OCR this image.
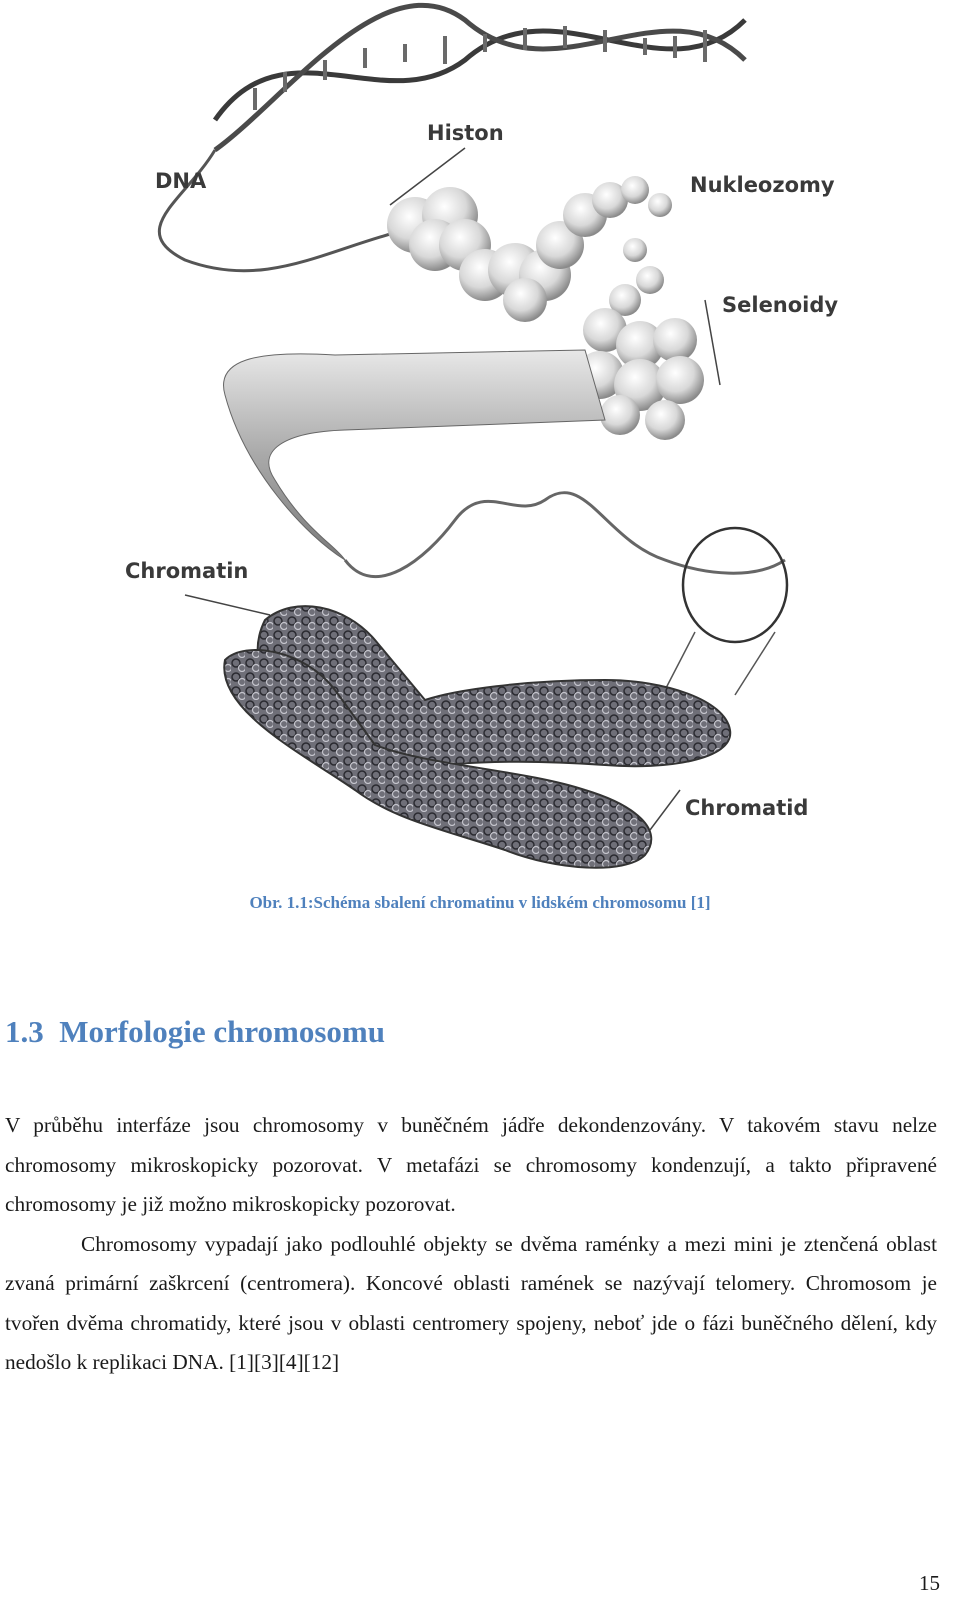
Histon
DNA	Nukleozomy
Selenoidy
Chromatin
Chromatid
Obr. 1.1:Schéma sbalení chromatinu v lidském chromosomu [1]
1.3 Morfologie chromosomu

V průběhu interfáze jsou chromosomy v buněčném jádře dekondenzovány. V takovém stavu nelze chromosomy mikroskopicky pozorovat. V metafázi se chromosomy kondenzují, a takto připravené chromosomy je již možno mikroskopicky pozorovat.

Chromosomy vypadají jako podlouhlé objekty se dvěma raménky a mezi mini je ztenčená oblast zvaná primární zaškrcení (centromera). Koncové oblasti ramének se nazývají telomery. Chromosom je tvořen dvěma chromatidy, které jsou v oblasti centromery spojeny, neboť jde o fázi buněčného dělení, kdy nedošlo k replikaci DNA. [1][3][4][12]

15
